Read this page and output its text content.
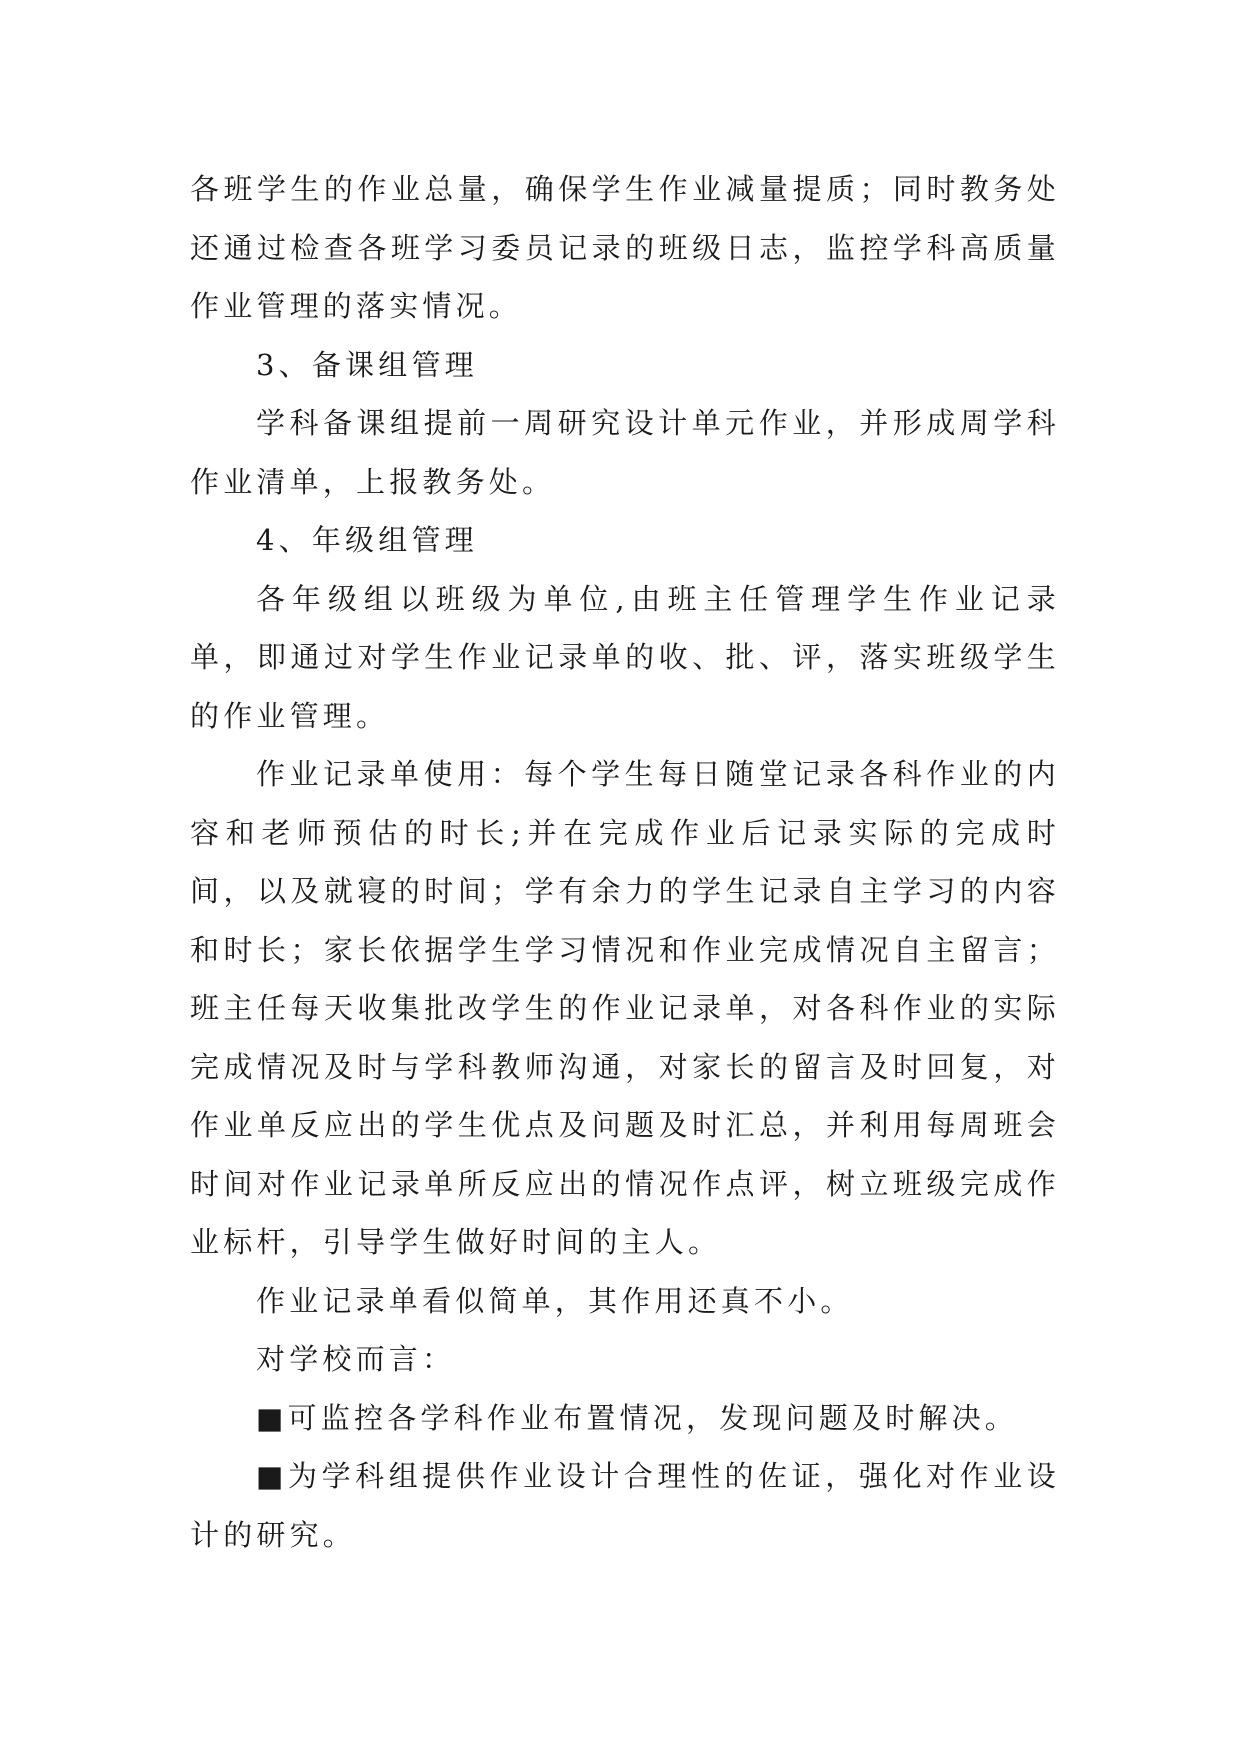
各班学生的作业总量，确保学生作业减量提质；同时教务处还通过检查各班学习委员记录的班级日志，监控学科高质量作业管理的落实情况。

3、备课组管理

学科备课组提前一周研究设计单元作业，并形成周学科作业清单，上报教务处。

4、年级组管理

各年级组以班级为单位,由班主任管理学生作业记录单，即通过对学生作业记录单的收、批、评，落实班级学生的作业管理。

作业记录单使用：每个学生每日随堂记录各科作业的内容和老师预估的时长;并在完成作业后记录实际的完成时间，以及就寝的时间；学有余力的学生记录自主学习的内容和时长；家长依据学生学习情况和作业完成情况自主留言；班主任每天收集批改学生的作业记录单，对各科作业的实际完成情况及时与学科教师沟通，对家长的留言及时回复，对作业单反应出的学生优点及问题及时汇总，并利用每周班会时间对作业记录单所反应出的情况作点评，树立班级完成作业标杆，引导学生做好时间的主人。

作业记录单看似简单，其作用还真不小。

对学校而言：

■可监控各学科作业布置情况，发现问题及时解决。

■为学科组提供作业设计合理性的佐证，强化对作业设计的研究。
